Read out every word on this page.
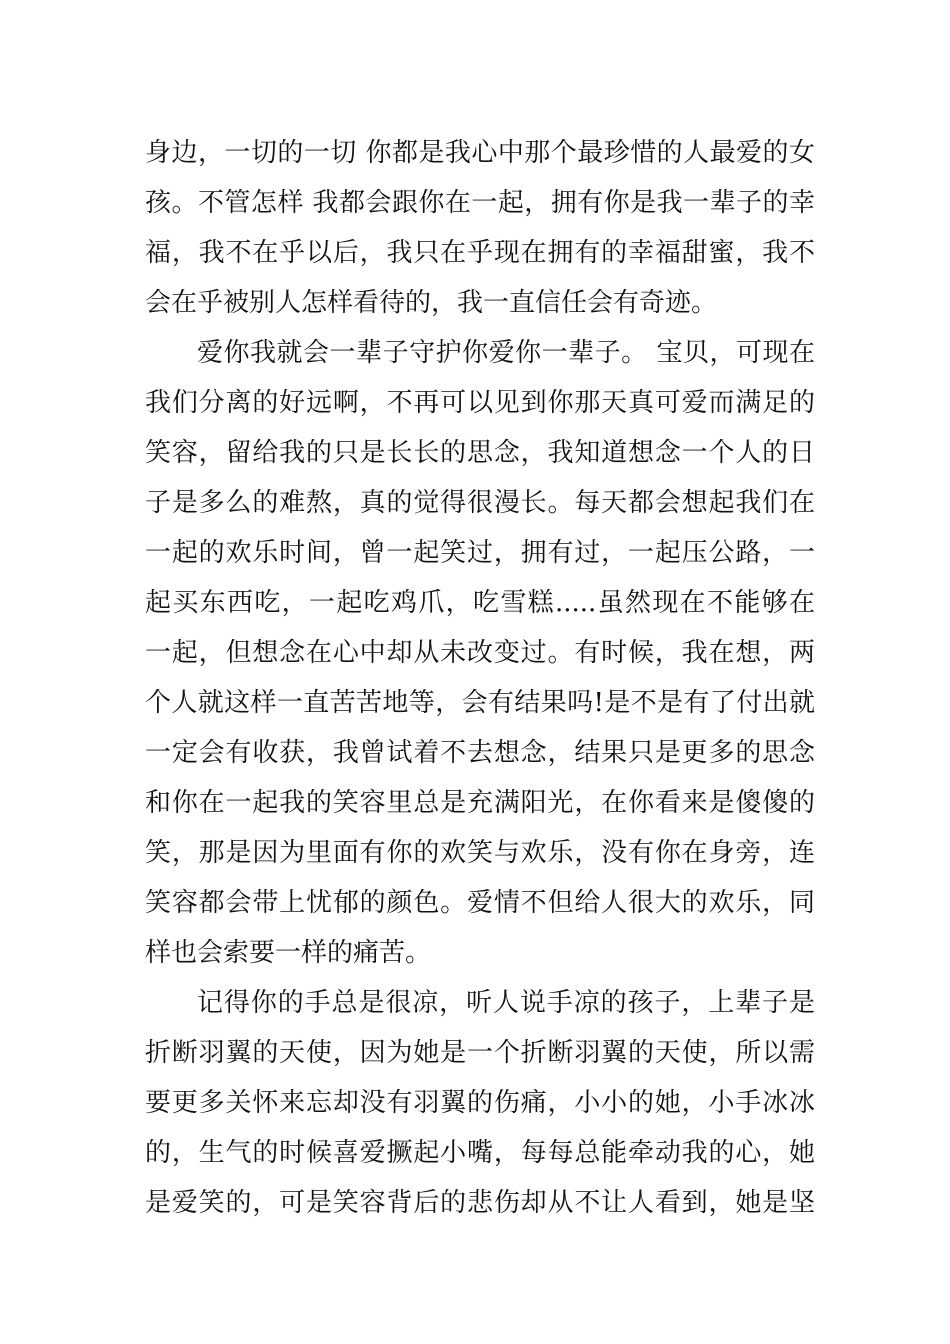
身边，一切的一切 你都是我心中那个最珍惜的人最爱的女
孩。不管怎样 我都会跟你在一起，拥有你是我一辈子的幸
福，我不在乎以后，我只在乎现在拥有的幸福甜蜜，我不
会在乎被别人怎样看待的，我一直信任会有奇迹。
爱你我就会一辈子守护你爱你一辈子。 宝贝，可现在
我们分离的好远啊，不再可以见到你那天真可爱而满足的
笑容，留给我的只是长长的思念，我知道想念一个人的日
子是多么的难熬，真的觉得很漫长。每天都会想起我们在
一起的欢乐时间，曾一起笑过，拥有过，一起压公路，一
起买东西吃，一起吃鸡爪，吃雪糕.....虽然现在不能够在
一起，但想念在心中却从未改变过。有时候，我在想，两
个人就这样一直苦苦地等，会有结果吗!是不是有了付出就
一定会有收获，我曾试着不去想念，结果只是更多的思念
和你在一起我的笑容里总是充满阳光，在你看来是傻傻的
笑，那是因为里面有你的欢笑与欢乐，没有你在身旁，连
笑容都会带上忧郁的颜色。爱情不但给人很大的欢乐，同
样也会索要一样的痛苦。
记得你的手总是很凉，听人说手凉的孩子，上辈子是
折断羽翼的天使，因为她是一个折断羽翼的天使，所以需
要更多关怀来忘却没有羽翼的伤痛，小小的她，小手冰冰
的，生气的时候喜爱撅起小嘴，每每总能牵动我的心，她
是爱笑的，可是笑容背后的悲伤却从不让人看到，她是坚
